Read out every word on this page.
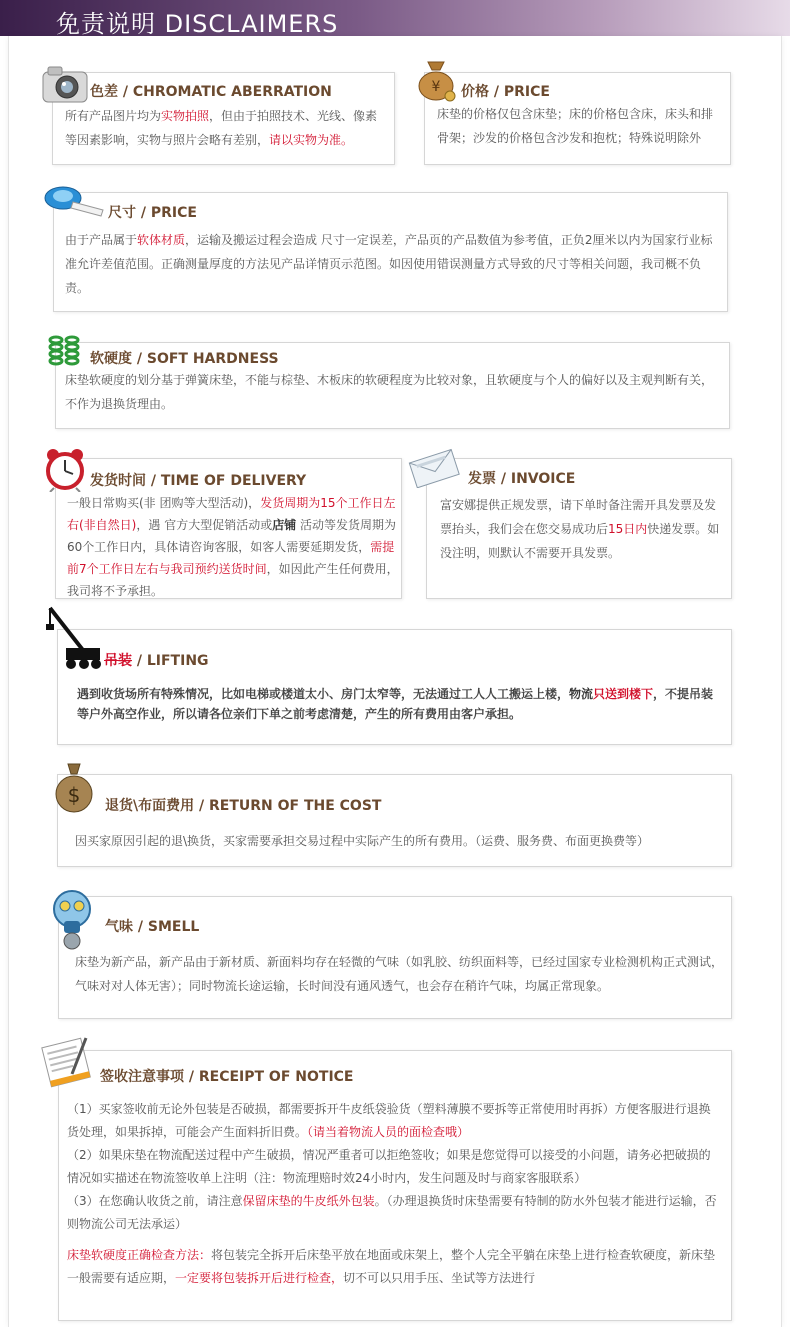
免责说明 DISCLAIMERS
色差 / CHROMATIC ABERRATION
所有产品图片均为实物拍照，但由于拍照技术、光线、像素等因素影响，实物与照片会略有差别，请以实物为准。
¥ 价格 / PRICE
床垫的价格仅包含床垫；床的价格包含床，床头和排骨架；沙发的价格包含沙发和抱枕；特殊说明除外
尺寸 / PRICE
由于产品属于软体材质，运输及搬运过程会造成 尺寸一定误差，产品页的产品数值为参考值，正负2厘米以内为国家行业标准允许差值范围。正确测量厚度的方法见产品详情页示范图。如因使用错误测量方式导致的尺寸等相关问题，我司概不负责。
软硬度 / SOFT HARDNESS
床垫软硬度的划分基于弹簧床垫，不能与棕垫、木板床的软硬程度为比较对象，且软硬度与个人的偏好以及主观判断有关，不作为退换货理由。
发货时间 / TIME OF DELIVERY
一般日常购买(非 团购等大型活动)，发货周期为15个工作日左右(非自然日)，遇 官方大型促销活动或店铺 活动等发货周期为60个工作日内，具体请咨询客服，如客人需要延期发货，需提前7个工作日左右与我司预约送货时间，如因此产生任何费用，我司将不予承担。
发票 / INVOICE
富安娜提供正规发票，请下单时备注需开具发票及发票抬头，我们会在您交易成功后15日内快递发票。如没注明，则默认不需要开具发票。
吊装 / LIFTING
遇到收货场所有特殊情况，比如电梯或楼道太小、房门太窄等，无法通过工人人工搬运上楼，物流只送到楼下，不提吊装等户外高空作业，所以请各位亲们下单之前考虑清楚，产生的所有费用由客户承担。
$ 退货\布面费用 / RETURN OF THE COST
因买家原因引起的退\换货，买家需要承担交易过程中实际产生的所有费用。（运费、服务费、布面更换费等）
气味 / SMELL
床垫为新产品，新产品由于新材质、新面料均存在轻微的气味（如乳胶、纺织面料等，已经过国家专业检测机构正式测试，气味对对人体无害）；同时物流长途运输，长时间没有通风透气，也会存在稍许气味，均属正常现象。
签收注意事项 / RECEIPT OF NOTICE
（1）买家签收前无论外包装是否破损，都需要拆开牛皮纸袋验货（塑料薄膜不要拆等正常使用时再拆）方便客服进行退换货处理，如果拆掉，可能会产生面料折旧费。（请当着物流人员的面检查哦）
（2）如果床垫在物流配送过程中产生破损，情况严重者可以拒绝签收；如果是您觉得可以接受的小问题，请务必把破损的情况如实描述在物流签收单上注明（注：物流理赔时效24小时内，发生问题及时与商家客服联系）
（3）在您确认收货之前，请注意保留床垫的牛皮纸外包装。（办理退换货时床垫需要有特制的防水外包装才能进行运输，否则物流公司无法承运）
床垫软硬度正确检查方法：将包装完全拆开后床垫平放在地面或床架上，整个人完全平躺在床垫上进行检查软硬度，新床垫一般需要有适应期，一定要将包装拆开后进行检查，切不可以只用手压、坐试等方法进行
